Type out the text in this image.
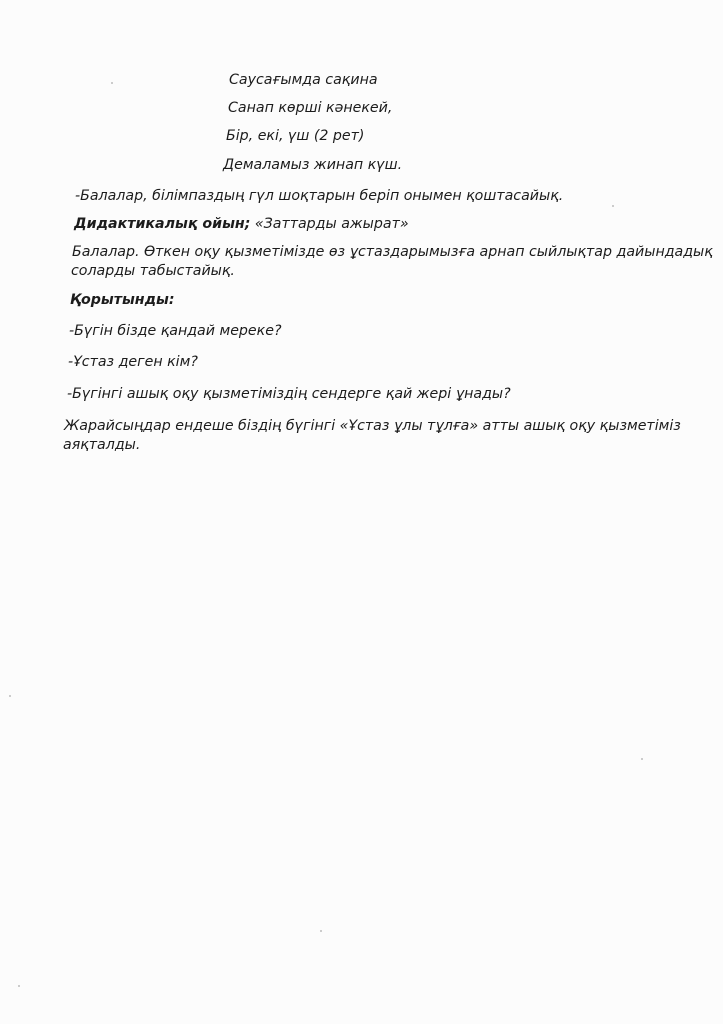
Саусағымда сақина
Санап көрші кәнекей,
Бір, екі, үш (2 рет)
Демаламыз жинап күш.
-Балалар, білімпаздың гүл шоқтарын беріп онымен қоштасайық.
Дидактикалық ойын; «Заттарды ажырат»
Балалар. Өткен оқу қызметімізде өз ұстаздарымызға арнап сыйлықтар дайындадық
соларды табыстайық.
Қорытынды:
-Бүгін бізде қандай мереке?
-Ұстаз деген кім?
-Бүгінгі ашық оқу қызметіміздің сендерге қай жері ұнады?
Жарайсыңдар ендеше біздің бүгінгі «Ұстаз ұлы тұлға» атты ашық оқу қызметіміз
аяқталды.
